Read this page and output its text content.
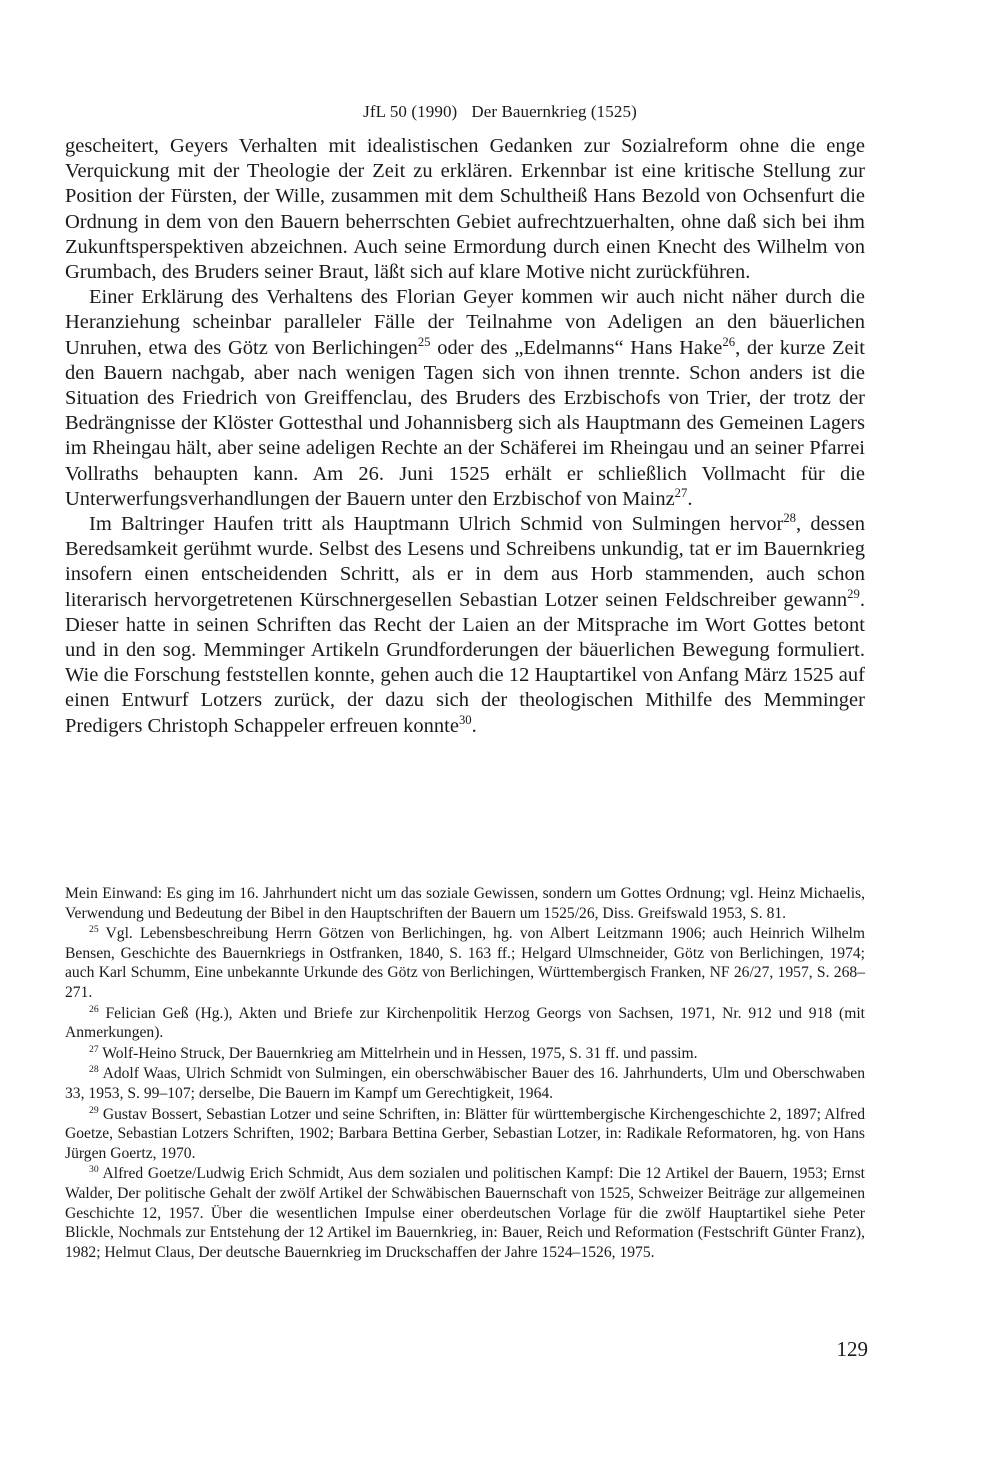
JfL 50 (1990) Der Bauernkrieg (1525)

gescheitert, Geyers Verhalten mit idealistischen Gedanken zur Sozialreform ohne die enge Verquickung mit der Theologie der Zeit zu erklären. Erkennbar ist eine kritische Stellung zur Position der Fürsten, der Wille, zusammen mit dem Schultheiß Hans Bezold von Ochsenfurt die Ordnung in dem von den Bauern beherrschten Gebiet aufrechtzuerhalten, ohne daß sich bei ihm Zukunftsperspektiven abzeichnen. Auch seine Ermordung durch einen Knecht des Wilhelm von Grumbach, des Bruders seiner Braut, läßt sich auf klare Motive nicht zurückführen.

Einer Erklärung des Verhaltens des Florian Geyer kommen wir auch nicht näher durch die Heranziehung scheinbar paralleler Fälle der Teilnahme von Adeligen an den bäuerlichen Unruhen, etwa des Götz von Berlichingen$^{25}$ oder des „Edelmanns“ Hans Hake$^{26}$, der kurze Zeit den Bauern nachgab, aber nach wenigen Tagen sich von ihnen trennte. Schon anders ist die Situation des Friedrich von Greiffenclau, des Bruders des Erzbischofs von Trier, der trotz der Bedrängnisse der Klöster Gottesthal und Johannisberg sich als Hauptmann des Gemeinen Lagers im Rheingau hält, aber seine adeligen Rechte an der Schäferei im Rheingau und an seiner Pfarrei Vollraths behaupten kann. Am 26. Juni 1525 erhält er schließlich Vollmacht für die Unterwerfungsverhandlungen der Bauern unter den Erzbischof von Mainz$^{27}$.

Im Baltringer Haufen tritt als Hauptmann Ulrich Schmid von Sulmingen hervor$^{28}$, dessen Beredsamkeit gerühmt wurde. Selbst des Lesens und Schreibens unkundig, tat er im Bauernkrieg insofern einen entscheidenden Schritt, als er in dem aus Horb stammenden, auch schon literarisch hervorgetretenen Kürschnergesellen Sebastian Lotzer seinen Feldschreiber gewann$^{29}$. Dieser hatte in seinen Schriften das Recht der Laien an der Mitsprache im Wort Gottes betont und in den sog. Memminger Artikeln Grundforderungen der bäuerlichen Bewegung formuliert. Wie die Forschung feststellen konnte, gehen auch die 12 Hauptartikel von Anfang März 1525 auf einen Entwurf Lotzers zurück, der dazu sich der theologischen Mithilfe des Memminger Predigers Christoph Schappeler erfreuen konnte$^{30}$.

Mein Einwand: Es ging im 16. Jahrhundert nicht um das soziale Gewissen, sondern um Gottes Ordnung; vgl. Heinz Michaelis, Verwendung und Bedeutung der Bibel in den Hauptschriften der Bauern um 1525/26, Diss. Greifswald 1953, S. 81.

$^{25}$ Vgl. Lebensbeschreibung Herrn Götzen von Berlichingen, hg. von Albert Leitzmann 1906; auch Heinrich Wilhelm Bensen, Geschichte des Bauernkriegs in Ostfranken, 1840, S. 163 ff.; Helgard Ulmschneider, Götz von Berlichingen, 1974; auch Karl Schumm, Eine unbekannte Urkunde des Götz von Berlichingen, Württembergisch Franken, NF 26/27, 1957, S. 268–271.

$^{26}$ Felician Geß (Hg.), Akten und Briefe zur Kirchenpolitik Herzog Georgs von Sachsen, 1971, Nr. 912 und 918 (mit Anmerkungen).

$^{27}$ Wolf-Heino Struck, Der Bauernkrieg am Mittelrhein und in Hessen, 1975, S. 31 ff. und passim.

$^{28}$ Adolf Waas, Ulrich Schmidt von Sulmingen, ein oberschwäbischer Bauer des 16. Jahrhunderts, Ulm und Oberschwaben 33, 1953, S. 99–107; derselbe, Die Bauern im Kampf um Gerechtigkeit, 1964.

$^{29}$ Gustav Bossert, Sebastian Lotzer und seine Schriften, in: Blätter für württembergische Kirchengeschichte 2, 1897; Alfred Goetze, Sebastian Lotzers Schriften, 1902; Barbara Bettina Gerber, Sebastian Lotzer, in: Radikale Reformatoren, hg. von Hans Jürgen Goertz, 1970.

$^{30}$ Alfred Goetze/Ludwig Erich Schmidt, Aus dem sozialen und politischen Kampf: Die 12 Artikel der Bauern, 1953; Ernst Walder, Der politische Gehalt der zwölf Artikel der Schwäbischen Bauernschaft von 1525, Schweizer Beiträge zur allgemeinen Geschichte 12, 1957. Über die wesentlichen Impulse einer oberdeutschen Vorlage für die zwölf Hauptartikel siehe Peter Blickle, Nochmals zur Entstehung der 12 Artikel im Bauernkrieg, in: Bauer, Reich und Reformation (Festschrift Günter Franz), 1982; Helmut Claus, Der deutsche Bauernkrieg im Druckschaffen der Jahre 1524–1526, 1975.

129
